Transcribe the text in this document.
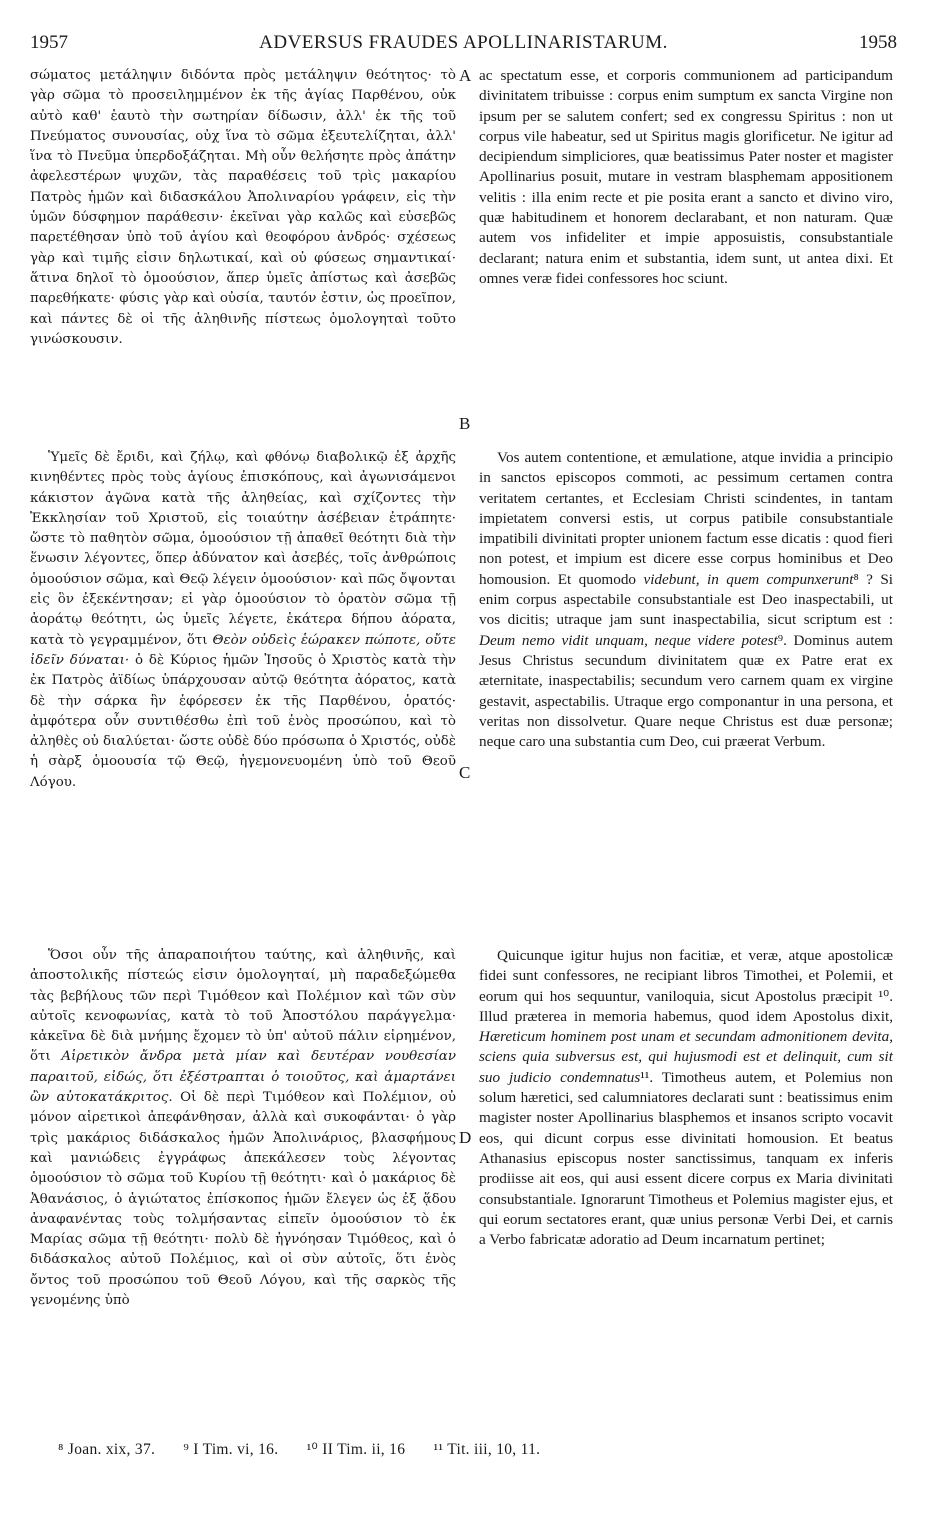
1957	ADVERSUS FRAUDES APOLLINARISTARUM.	1958

σώματος μετάληψιν διδόντα πρὸς μετάληψιν θεότητος· τὸ γὰρ σῶμα τὸ προσειλημμένον ἐκ τῆς ἁγίας Παρθένου, οὐκ αὐτὸ καθ' ἑαυτὸ τὴν σωτηρίαν δίδωσιν, ἀλλ' ἐκ τῆς τοῦ Πνεύματος συνουσίας, οὐχ ἵνα τὸ σῶμα ἐξευτελίζηται, ἀλλ' ἵνα τὸ Πνεῦμα ὑπερδοξάζηται. Μὴ οὖν θελήσητε πρὸς ἀπάτην ἀφελεστέρων ψυχῶν, τὰς παραθέσεις τοῦ τρὶς μακαρίου Πατρὸς ἡμῶν καὶ διδασκάλου Ἀπολιναρίου γράφειν, εἰς τὴν ὑμῶν δύσφημον παράθεσιν· ἐκεῖναι γὰρ καλῶς καὶ εὐσεβῶς παρετέθησαν ὑπὸ τοῦ ἁγίου καὶ θεοφόρου ἀνδρός· σχέσεως γὰρ καὶ τιμῆς εἰσιν δηλωτικαί, καὶ οὐ φύσεως σημαντικαί· ἅτινα δηλοῖ τὸ ὁμοούσιον, ἅπερ ὑμεῖς ἀπίστως καὶ ἀσεβῶς παρεθήκατε· φύσις γὰρ καὶ οὐσία, ταυτόν ἐστιν, ὡς προεῖπον, καὶ πάντες δὲ οἱ τῆς ἀληθινῆς πίστεως ὁμολογηταὶ τοῦτο γινώσκουσιν.

Ὑμεῖς δὲ ἔριδι, καὶ ζήλῳ, καὶ φθόνῳ διαβολικῷ ἐξ ἀρχῆς κινηθέντες πρὸς τοὺς ἁγίους ἐπισκόπους, καὶ ἀγωνισάμενοι κάκιστον ἀγῶνα κατὰ τῆς ἀληθείας, καὶ σχίζοντες τὴν Ἐκκλησίαν τοῦ Χριστοῦ, εἰς τοιαύτην ἀσέβειαν ἐτράπητε· ὥστε τὸ παθητὸν σῶμα, ὁμοούσιον τῇ ἀπαθεῖ θεότητι διὰ τὴν ἕνωσιν λέγοντες, ὅπερ ἀδύνατον καὶ ἀσεβές, τοῖς ἀνθρώποις ὁμοούσιον σῶμα, καὶ Θεῷ λέγειν ὁμοούσιον· καὶ πῶς ὄψονται εἰς ὃν ἐξεκέντησαν; εἰ γὰρ ὁμοούσιον τὸ ὁρατὸν σῶμα τῇ ἀοράτῳ θεότητι, ὡς ὑμεῖς λέγετε, ἑκάτερα δήπου ἀόρατα, κατὰ τὸ γεγραμμένον, ὅτι Θεὸν οὐδεὶς ἑώρακεν πώποτε, οὔτε ἰδεῖν δύναται· ὁ δὲ Κύριος ἡμῶν Ἰησοῦς ὁ Χριστὸς κατὰ τὴν ἐκ Πατρὸς ἀϊδίως ὑπάρχουσαν αὐτῷ θεότητα ἀόρατος, κατὰ δὲ τὴν σάρκα ἣν ἐφόρεσεν ἐκ τῆς Παρθένου, ὁρατός· ἀμφότερα οὖν συντιθέσθω ἐπὶ τοῦ ἑνὸς προσώπου, καὶ τὸ ἀληθὲς οὐ διαλύεται· ὥστε οὐδὲ δύο πρόσωπα ὁ Χριστός, οὐδὲ ἡ σὰρξ ὁμοουσία τῷ Θεῷ, ἡγεμονευομένη ὑπὸ τοῦ Θεοῦ Λόγου.

Ὅσοι οὖν τῆς ἀπαραποιήτου ταύτης, καὶ ἀληθινῆς, καὶ ἀποστολικῆς πίστεώς εἰσιν ὁμολογηταί, μὴ παραδεξώμεθα τὰς βεβήλους τῶν περὶ Τιμόθεον καὶ Πολέμιον καὶ τῶν σὺν αὐτοῖς κενοφωνίας, κατὰ τὸ τοῦ Ἀποστόλου παράγγελμα· κἀκεῖνα δὲ διὰ μνήμης ἔχομεν τὸ ὑπ' αὐτοῦ πάλιν εἰρημένον, ὅτι Αἱρετικὸν ἄνδρα μετὰ μίαν καὶ δευτέραν νουθεσίαν παραιτοῦ, εἰδώς, ὅτι ἐξέστραπται ὁ τοιοῦτος, καὶ ἁμαρτάνει ὢν αὐτοκατάκριτος. Οἱ δὲ περὶ Τιμόθεον καὶ Πολέμιον, οὐ μόνον αἱρετικοὶ ἀπεφάνθησαν, ἀλλὰ καὶ συκοφάνται· ὁ γὰρ τρὶς μακάριος διδάσκαλος ἡμῶν Ἀπολινάριος, βλασφήμους καὶ μανιώδεις ἐγγράφως ἀπεκάλεσεν τοὺς λέγοντας ὁμοούσιον τὸ σῶμα τοῦ Κυρίου τῇ θεότητι· καὶ ὁ μακάριος δὲ Ἀθανάσιος, ὁ ἁγιώτατος ἐπίσκοπος ἡμῶν ἔλεγεν ὡς ἐξ ᾅδου ἀναφανέντας τοὺς τολμήσαντας εἰπεῖν ὁμοούσιον τὸ ἐκ Μαρίας σῶμα τῇ θεότητι· πολὺ δὲ ἠγνόησαν Τιμόθεος, καὶ ὁ διδάσκαλος αὐτοῦ Πολέμιος, καὶ οἱ σὺν αὐτοῖς, ὅτι ἑνὸς ὄντος τοῦ προσώπου τοῦ Θεοῦ Λόγου, καὶ τῆς σαρκὸς τῆς γενομένης ὑπὸ

A
B
C
D

ac spectatum esse, et corporis communionem ad participandum divinitatem tribuisse : corpus enim sumptum ex sancta Virgine non ipsum per se salutem confert; sed ex congressu Spiritus : non ut corpus vile habeatur, sed ut Spiritus magis glorificetur. Ne igitur ad decipiendum simpliciores, quæ beatissimus Pater noster et magister Apollinarius posuit, mutare in vestram blasphemam appositionem velitis : illa enim recte et pie posita erant a sancto et divino viro, quæ habitudinem et honorem declarabant, et non naturam. Quæ autem vos infideliter et impie apposuistis, consubstantiale declarant; natura enim et substantia, idem sunt, ut antea dixi. Et omnes veræ fidei confessores hoc sciunt.

Vos autem contentione, et æmulatione, atque invidia a principio in sanctos episcopos commoti, ac pessimum certamen contra veritatem certantes, et Ecclesiam Christi scindentes, in tantam impietatem conversi estis, ut corpus patibile consubstantiale impatibili divinitati propter unionem factum esse dicatis : quod fieri non potest, et impium est dicere esse corpus hominibus et Deo homousion. Et quomodo videbunt, in quem compunxerunt⁸ ? Si enim corpus aspectabile consubstantiale est Deo inaspectabili, ut vos dicitis; utraque jam sunt inaspectabilia, sicut scriptum est : Deum nemo vidit unquam, neque videre potest⁹. Dominus autem Jesus Christus secundum divinitatem quæ ex Patre erat ex æternitate, inaspectabilis; secundum vero carnem quam ex virgine gestavit, aspectabilis. Utraque ergo componantur in una persona, et veritas non dissolvetur. Quare neque Christus est duæ personæ; neque caro una substantia cum Deo, cui præerat Verbum.

Quicunque igitur hujus non facitiæ, et veræ, atque apostolicæ fidei sunt confessores, ne recipiant libros Timothei, et Polemii, et eorum qui hos sequuntur, vaniloquia, sicut Apostolus præcipit ¹⁰. Illud præterea in memoria habemus, quod idem Apostolus dixit, Hæreticum hominem post unam et secundam admonitionem devita, sciens quia subversus est, qui hujusmodi est et delinquit, cum sit suo judicio condemnatus¹¹. Timotheus autem, et Polemius non solum hæretici, sed calumniatores declarati sunt : beatissimus enim magister noster Apollinarius blasphemos et insanos scripto vocavit eos, qui dicunt corpus esse divinitati homousion. Et beatus Athanasius episcopus noster sanctissimus, tanquam ex inferis prodiisse ait eos, qui ausi essent dicere corpus ex Maria divinitati consubstantiale. Ignorarunt Timotheus et Polemius magister ejus, et qui eorum sectatores erant, quæ unius personæ Verbi Dei, et carnis a Verbo fabricatæ adoratio ad Deum incarnatum pertinet;

⁸ Joan. xix, 37. ⁹ I Tim. vi, 16. ¹⁰ II Tim. ii, 16 ¹¹ Tit. iii, 10, 11.
